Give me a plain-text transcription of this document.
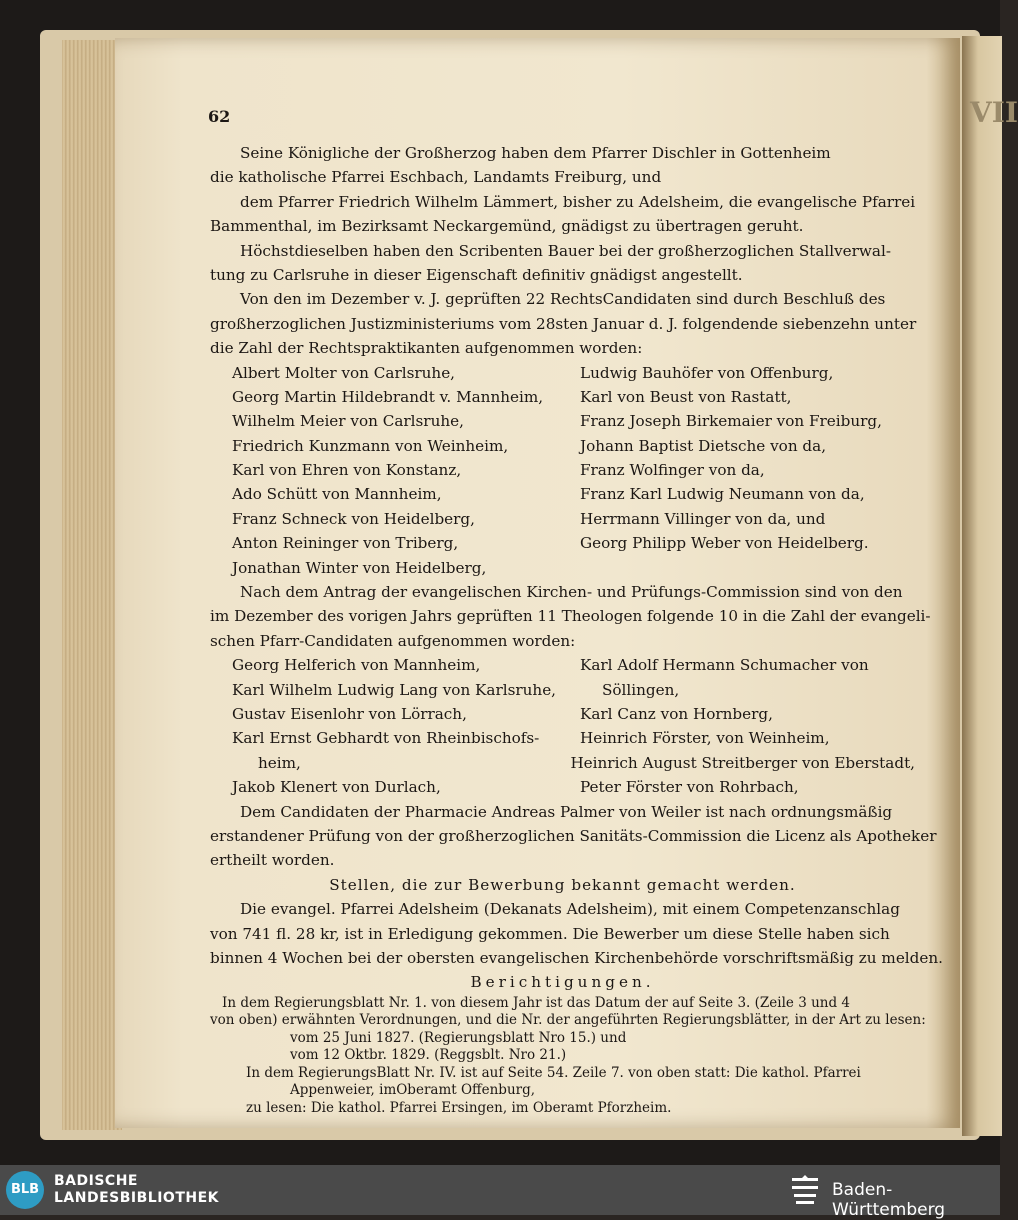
VII
62
Seine Königliche der Großherzog haben dem Pfarrer Dischler in Gottenheim
die katholische Pfarrei Eschbach, Landamts Freiburg, und
dem Pfarrer Friedrich Wilhelm Lämmert, bisher zu Adelsheim, die evangelische Pfarrei
Bammenthal, im Bezirksamt Neckargemünd, gnädigst zu übertragen geruht.
Höchstdieselben haben den Scribenten Bauer bei der großherzoglichen Stallverwal-
tung zu Carlsruhe in dieser Eigenschaft definitiv gnädigst angestellt.
Von den im Dezember v. J. geprüften 22 RechtsCandidaten sind durch Beschluß des
großherzoglichen Justizministeriums vom 28sten Januar d. J. folgendende siebenzehn unter
die Zahl der Rechtspraktikanten aufgenommen worden:
Albert Molter von Carlsruhe,	Ludwig Bauhöfer von Offenburg,
Georg Martin Hildebrandt v. Mannheim,	Karl von Beust von Rastatt,
Wilhelm Meier von Carlsruhe,	Franz Joseph Birkemaier von Freiburg,
Friedrich Kunzmann von Weinheim,	Johann Baptist Dietsche von da,
Karl von Ehren von Konstanz,	Franz Wolfinger von da,
Ado Schütt von Mannheim,	Franz Karl Ludwig Neumann von da,
Franz Schneck von Heidelberg,	Herrmann Villinger von da, und
Anton Reininger von Triberg,	Georg Philipp Weber von Heidelberg.
Jonathan Winter von Heidelberg,
Nach dem Antrag der evangelischen Kirchen- und Prüfungs-Commission sind von den
im Dezember des vorigen Jahrs geprüften 11 Theologen folgende 10 in die Zahl der evangeli-
schen Pfarr-Candidaten aufgenommen worden:
Georg Helferich von Mannheim,	Karl Adolf Hermann Schumacher von
Karl Wilhelm Ludwig Lang von Karlsruhe,	Söllingen,
Gustav Eisenlohr von Lörrach,	Karl Canz von Hornberg,
Karl Ernst Gebhardt von Rheinbischofs-	Heinrich Förster, von Weinheim,
heim,	Heinrich August Streitberger von Eberstadt,
Jakob Klenert von Durlach,	Peter Förster von Rohrbach,
Dem Candidaten der Pharmacie Andreas Palmer von Weiler ist nach ordnungsmäßig
erstandener Prüfung von der großherzoglichen Sanitäts-Commission die Licenz als Apotheker
ertheilt worden.
Stellen, die zur Bewerbung bekannt gemacht werden.
Die evangel. Pfarrei Adelsheim (Dekanats Adelsheim), mit einem Competenzanschlag
von 741 fl. 28 kr, ist in Erledigung gekommen. Die Bewerber um diese Stelle haben sich
binnen 4 Wochen bei der obersten evangelischen Kirchenbehörde vorschriftsmäßig zu melden.
Berichtigungen.
In dem Regierungsblatt Nr. 1. von diesem Jahr ist das Datum der auf Seite 3. (Zeile 3 und 4
von oben) erwähnten Verordnungen, und die Nr. der angeführten Regierungsblätter, in der Art zu lesen:
vom 25 Juni 1827. (Regierungsblatt Nro 15.) und
vom 12 Oktbr. 1829. (Reggsblt. Nro 21.)
In dem RegierungsBlatt Nr. IV. ist auf Seite 54. Zeile 7. von oben statt: Die kathol. Pfarrei
Appenweier, imOberamt Offenburg,
zu lesen: Die kathol. Pfarrei Ersingen, im Oberamt Pforzheim.
BLB
BADISCHE
LANDESBIBLIOTHEK	Baden-Württemberg
